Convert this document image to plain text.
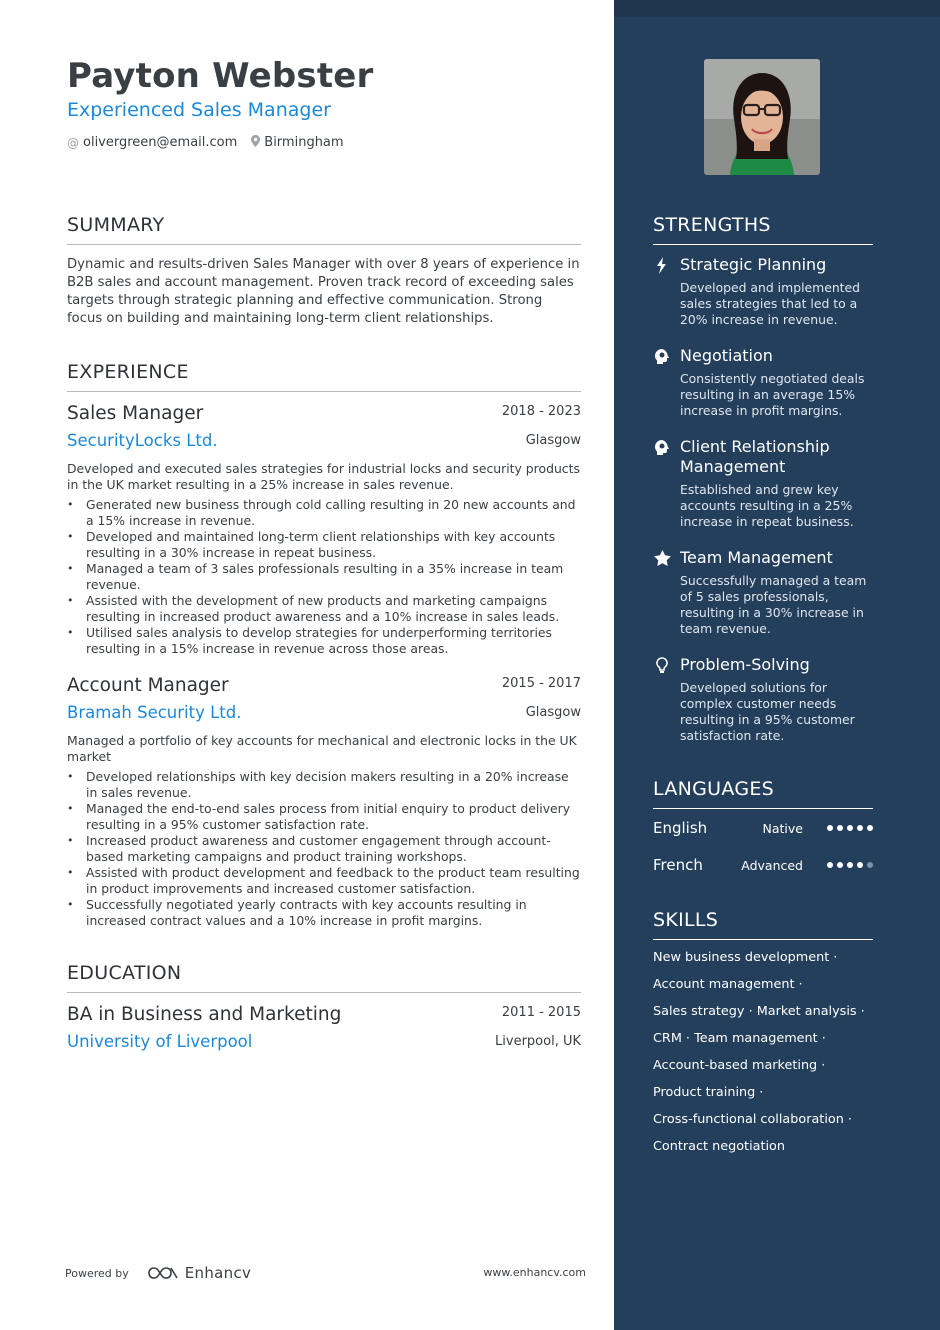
Payton Webster
Experienced Sales Manager
@ olivergreen@email.com Birmingham
SUMMARY
Dynamic and results-driven Sales Manager with over 8 years of experience in B2B sales and account management. Proven track record of exceeding sales targets through strategic planning and effective communication. Strong focus on building and maintaining long-term client relationships.
EXPERIENCE
Sales Manager	2018 - 2023
SecurityLocks Ltd.	Glasgow
Developed and executed sales strategies for industrial locks and security products in the UK market resulting in a 25% increase in sales revenue.
• Generated new business through cold calling resulting in 20 new accounts and a 15% increase in revenue.
• Developed and maintained long-term client relationships with key accounts resulting in a 30% increase in repeat business.
• Managed a team of 3 sales professionals resulting in a 35% increase in team revenue.
• Assisted with the development of new products and marketing campaigns resulting in increased product awareness and a 10% increase in sales leads.
• Utilised sales analysis to develop strategies for underperforming territories resulting in a 15% increase in revenue across those areas.
Account Manager	2015 - 2017
Bramah Security Ltd.	Glasgow
Managed a portfolio of key accounts for mechanical and electronic locks in the UK market
• Developed relationships with key decision makers resulting in a 20% increase in sales revenue.
• Managed the end-to-end sales process from initial enquiry to product delivery resulting in a 95% customer satisfaction rate.
• Increased product awareness and customer engagement through account-based marketing campaigns and product training workshops.
• Assisted with product development and feedback to the product team resulting in product improvements and increased customer satisfaction.
• Successfully negotiated yearly contracts with key accounts resulting in increased contract values and a 10% increase in profit margins.
EDUCATION
BA in Business and Marketing	2011 - 2015
University of Liverpool	Liverpool, UK
Powered by	Enhancv	www.enhancv.com
STRENGTHS
Strategic Planning
Developed and implemented sales strategies that led to a 20% increase in revenue.
Negotiation
Consistently negotiated deals resulting in an average 15% increase in profit margins.
Client Relationship Management
Established and grew key accounts resulting in a 25% increase in repeat business.
Team Management
Successfully managed a team of 5 sales professionals, resulting in a 30% increase in team revenue.
Problem-Solving
Developed solutions for complex customer needs resulting in a 95% customer satisfaction rate.
LANGUAGES
English	Native
French	Advanced
SKILLS
New business development ·
Account management ·
Sales strategy · Market analysis ·
CRM · Team management ·
Account-based marketing ·
Product training ·
Cross-functional collaboration ·
Contract negotiation
